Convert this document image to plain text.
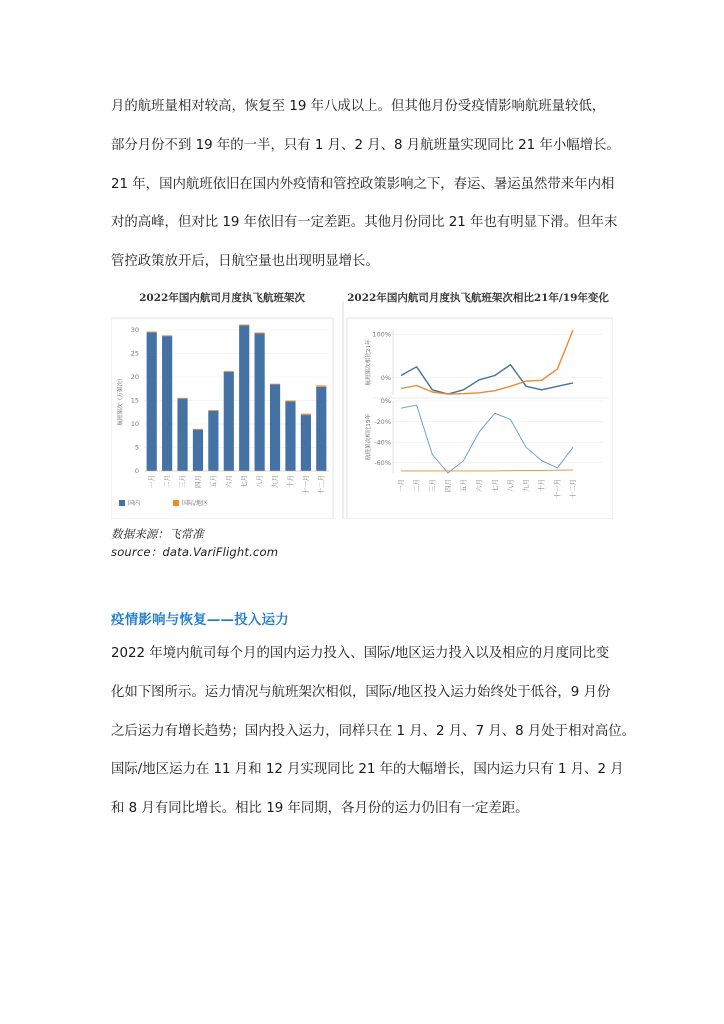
月的航班量相对较高，恢复至 19 年八成以上。但其他月份受疫情影响航班量较低，
部分月份不到 19 年的一半，只有 1 月、2 月、8 月航班量实现同比 21 年小幅增长。
21 年，国内航班依旧在国内外疫情和管控政策影响之下，春运、暑运虽然带来年内相
对的高峰，但对比 19 年依旧有一定差距。其他月份同比 21 年也有明显下滑。但年末
管控政策放开后，日航空量也出现明显增长。

2022年国内航司月度执飞航班架次	2022年国内航司月度执飞航班架次相比21年/19年变化
0
5
10
15
20
25
30
航班架次（万架次）
一月 二月 三月 四月 五月 六月 七月 八月 九月 十月 十一月 十二月
国内	国际/地区
0%
100%
航班架次相比21年
0%
-20%
-40%
-60%
航班架次相比19年
一月 二月 三月 四月 五月 六月 七月 八月 九月 十月 十一月 十二月
数据来源：飞常准
source：data.VariFlight.com
疫情影响与恢复——投入运力

2022 年境内航司每个月的国内运力投入、国际/地区运力投入以及相应的月度同比变
化如下图所示。运力情况与航班架次相似，国际/地区投入运力始终处于低谷，9 月份
之后运力有增长趋势；国内投入运力，同样只在 1 月、2 月、7 月、8 月处于相对高位。
国际/地区运力在 11 月和 12 月实现同比 21 年的大幅增长，国内运力只有 1 月、2 月
和 8 月有同比增长。相比 19 年同期，各月份的运力仍旧有一定差距。
